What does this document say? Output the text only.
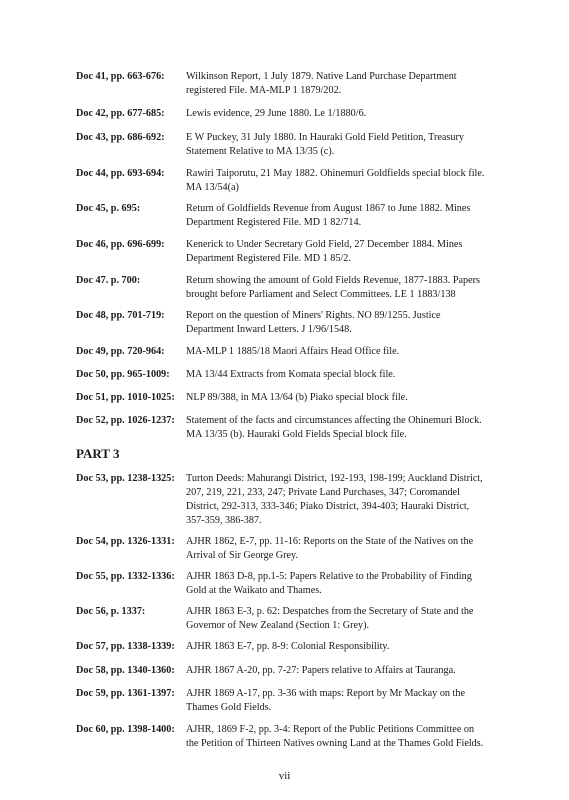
Doc 41, pp. 663-676:	Wilkinson Report, 1 July 1879. Native Land Purchase Department registered File. MA-MLP 1 1879/202.
Doc 42, pp. 677-685:	Lewis evidence, 29 June 1880. Le 1/1880/6.
Doc 43, pp. 686-692:	E W Puckey, 31 July 1880. In Hauraki Gold Field Petition, Treasury Statement Relative to MA 13/35 (c).
Doc 44, pp. 693-694:	Rawiri Taiporutu, 21 May 1882. Ohinemuri Goldfields special block file. MA 13/54(a)
Doc 45, p. 695:	Return of Goldfields Revenue from August 1867 to June 1882. Mines Department Registered File. MD 1 82/714.
Doc 46, pp. 696-699:	Kenerick to Under Secretary Gold Field, 27 December 1884. Mines Department Registered File. MD 1 85/2.
Doc 47. p. 700:	Return showing the amount of Gold Fields Revenue, 1877-1883. Papers brought before Parliament and Select Committees. LE 1 1883/138
Doc 48, pp. 701-719:	Report on the question of Miners' Rights. NO 89/1255. Justice Department Inward Letters. J 1/96/1548.
Doc 49, pp. 720-964:	MA-MLP 1 1885/18 Maori Affairs Head Office file.
Doc 50, pp. 965-1009:	MA 13/44 Extracts from Komata special block file.
Doc 51, pp. 1010-1025:	NLP 89/388, in MA 13/64 (b) Piako special block file.
Doc 52, pp. 1026-1237:	Statement of the facts and circumstances affecting the Ohinemuri Block. MA 13/35 (b). Hauraki Gold Fields Special block file.
PART 3
Doc 53, pp. 1238-1325:	Turton Deeds: Mahurangi District, 192-193, 198-199; Auckland District, 207, 219, 221, 233, 247; Private Land Purchases, 347; Coromandel District, 292-313, 333-346; Piako District, 394-403; Hauraki District, 357-359, 386-387.
Doc 54, pp. 1326-1331:	AJHR 1862, E-7, pp. 11-16: Reports on the State of the Natives on the Arrival of Sir George Grey.
Doc 55, pp. 1332-1336:	AJHR 1863 D-8, pp.1-5: Papers Relative to the Probability of Finding Gold at the Waikato and Thames.
Doc 56, p. 1337:	AJHR 1863 E-3, p. 62: Despatches from the Secretary of State and the Governor of New Zealand (Section 1: Grey).
Doc 57, pp. 1338-1339:	AJHR 1863 E-7, pp. 8-9: Colonial Responsibility.
Doc 58, pp. 1340-1360:	AJHR 1867 A-20, pp. 7-27: Papers relative to Affairs at Tauranga.
Doc 59, pp. 1361-1397:	AJHR 1869 A-17, pp. 3-36 with maps: Report by Mr Mackay on the Thames Gold Fields.
Doc 60, pp. 1398-1400:	AJHR, 1869 F-2, pp. 3-4: Report of the Public Petitions Committee on the Petition of Thirteen Natives owning Land at the Thames Gold Fields.
vii
